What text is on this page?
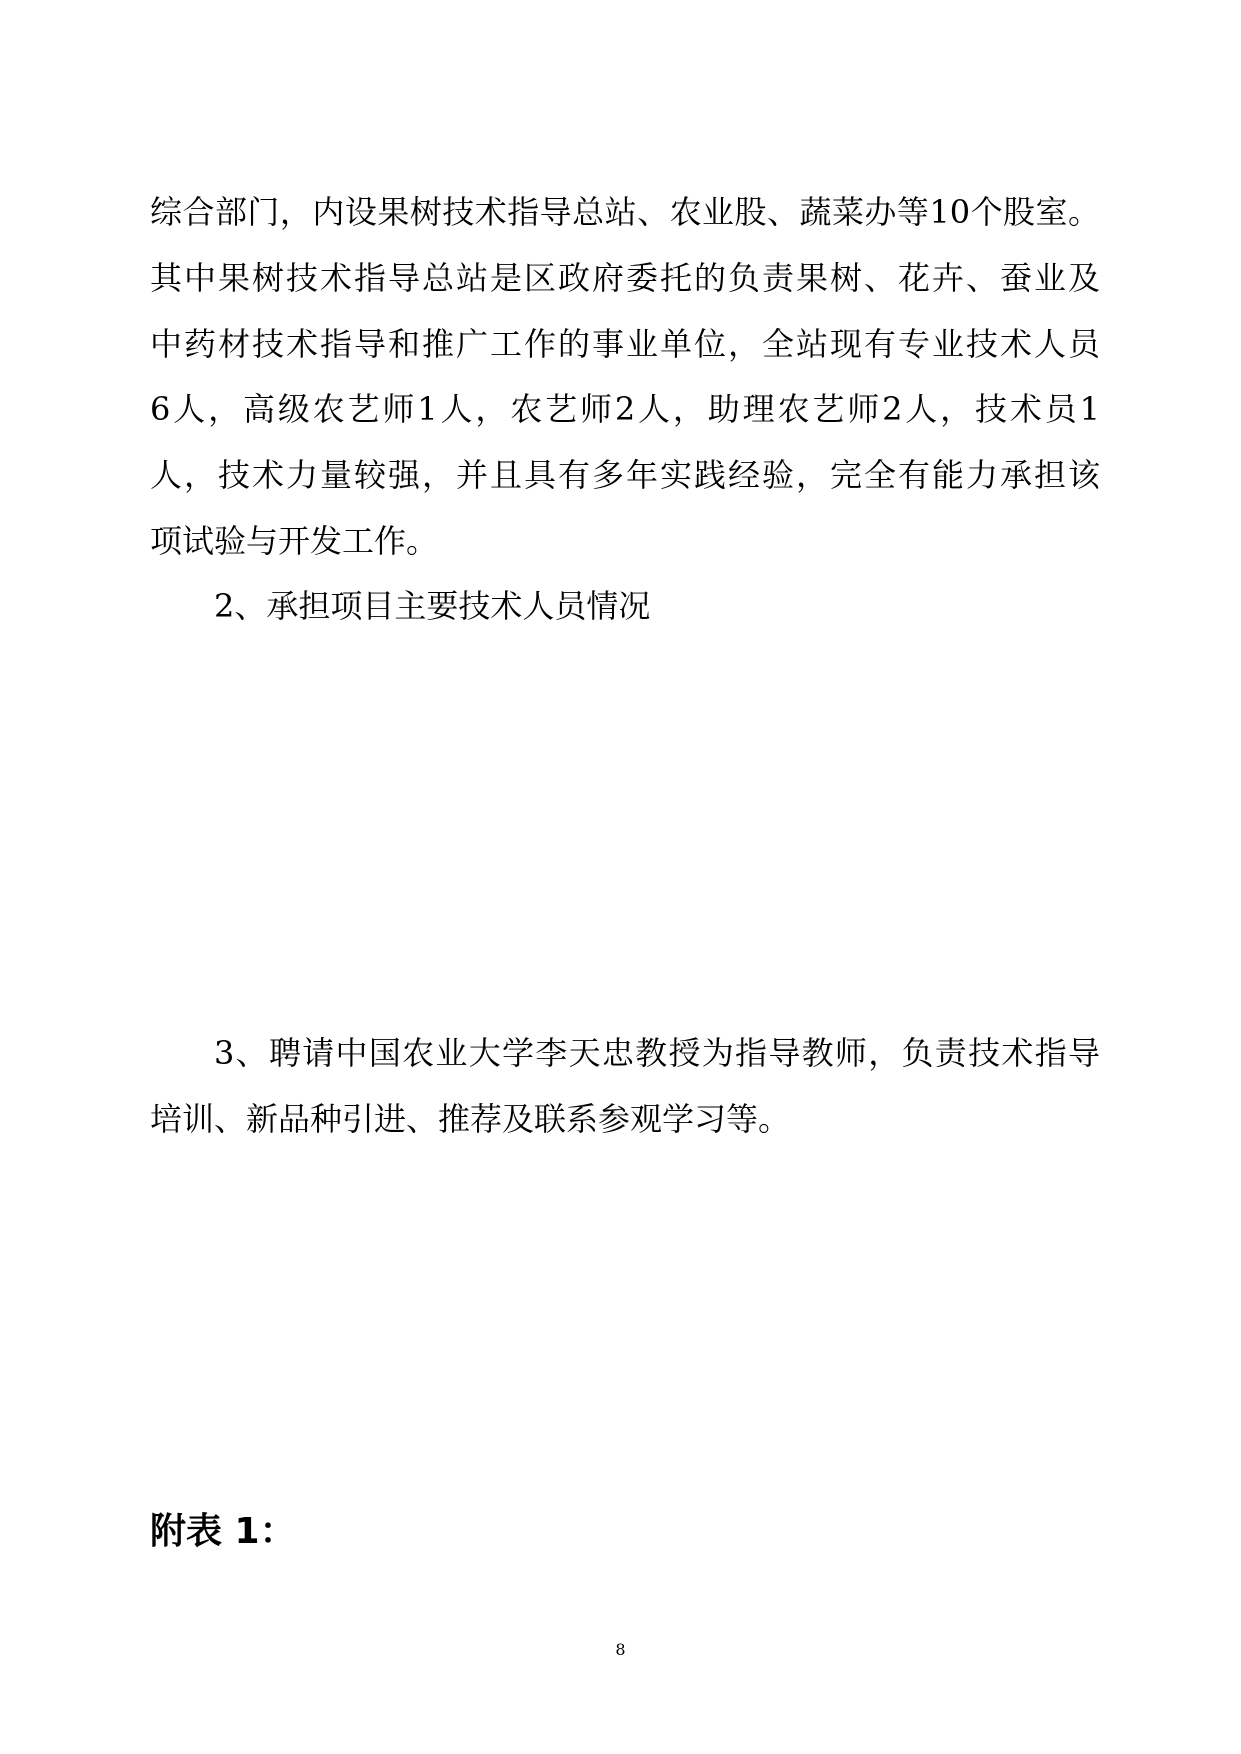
综合部门，内设果树技术指导总站、农业股、蔬菜办等10个股室。
其中果树技术指导总站是区政府委托的负责果树、花卉、蚕业及
中药材技术指导和推广工作的事业单位，全站现有专业技术人员
6人，高级农艺师1人，农艺师2人，助理农艺师2人，技术员1
人，技术力量较强，并且具有多年实践经验，完全有能力承担该
项试验与开发工作。
2、承担项目主要技术人员情况
3、聘请中国农业大学李天忠教授为指导教师，负责技术指导
培训、新品种引进、推荐及联系参观学习等。
附表 1：
8
